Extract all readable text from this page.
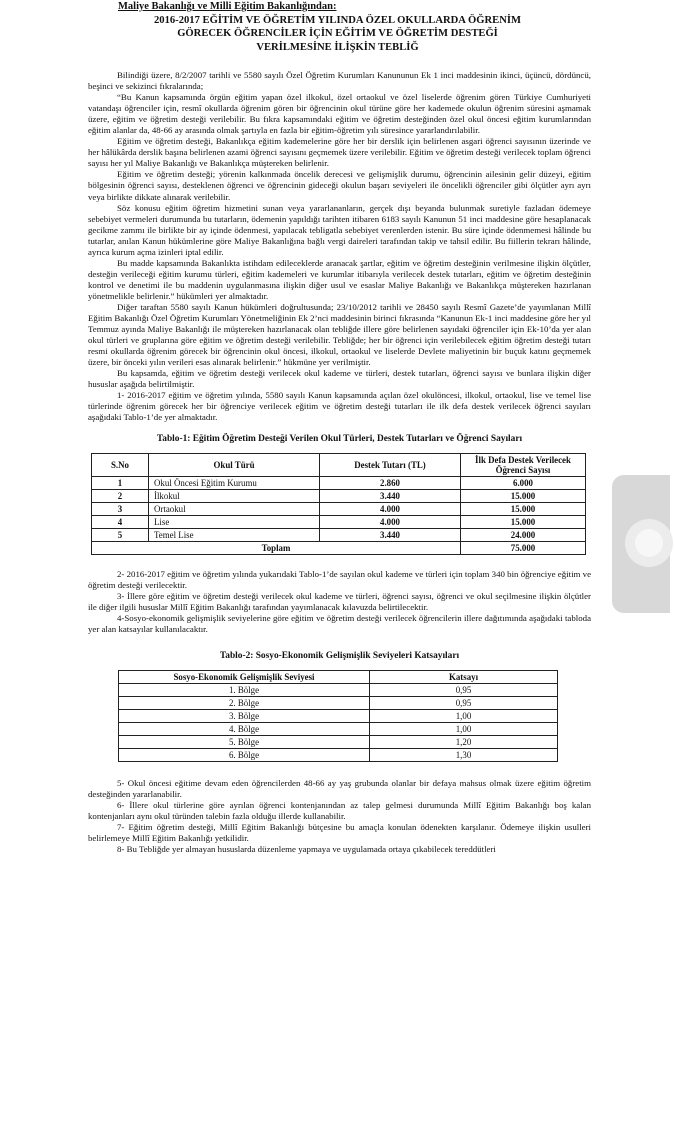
Maliye Bakanlığı ve Milli Eğitim Bakanlığından:
2016-2017 EĞİTİM VE ÖĞRETİM YILINDA ÖZEL OKULLARDA ÖĞRENİM
GÖRECEK ÖĞRENCİLER İÇİN EĞİTİM VE ÖĞRETİM DESTEĞİ
VERİLMESİNE İLİŞKİN TEBLİĞ

Bilindiği üzere, 8/2/2007 tarihli ve 5580 sayılı Özel Öğretim Kurumları Kanununun Ek 1 inci maddesinin ikinci, üçüncü, dördüncü, beşinci ve sekizinci fıkralarında;

“Bu Kanun kapsamında örgün eğitim yapan özel ilkokul, özel ortaokul ve özel liselerde öğrenim gören Türkiye Cumhuriyeti vatandaşı öğrenciler için, resmî okullarda öğrenim gören bir öğrencinin okul türüne göre her kademede okulun öğrenim süresini aşmamak üzere, eğitim ve öğretim desteği verilebilir. Bu fıkra kapsamındaki eğitim ve öğretim desteğinden özel okul öncesi eğitim kurumlarından eğitim alanlar da, 48-66 ay arasında olmak şartıyla en fazla bir eğitim-öğretim yılı süresince yararlandırılabilir.

Eğitim ve öğretim desteği, Bakanlıkça eğitim kademelerine göre her bir derslik için belirlenen asgari öğrenci sayısının üzerinde ve her hâlükârda derslik başına belirlenen azami öğrenci sayısını geçmemek üzere verilebilir. Eğitim ve öğretim desteği verilecek toplam öğrenci sayısı her yıl Maliye Bakanlığı ve Bakanlıkça müştereken belirlenir.

Eğitim ve öğretim desteği; yörenin kalkınmada öncelik derecesi ve gelişmişlik durumu, öğrencinin ailesinin gelir düzeyi, eğitim bölgesinin öğrenci sayısı, desteklenen öğrenci ve öğrencinin gideceği okulun başarı seviyeleri ile öncelikli öğrenciler gibi ölçütler ayrı ayrı veya birlikte dikkate alınarak verilebilir.

Söz konusu eğitim öğretim hizmetini sunan veya yararlananların, gerçek dışı beyanda bulunmak suretiyle fazladan ödemeye sebebiyet vermeleri durumunda bu tutarların, ödemenin yapıldığı tarihten itibaren 6183 sayılı Kanunun 51 inci maddesine göre hesaplanacak gecikme zammı ile birlikte bir ay içinde ödenmesi, yapılacak tebligatla sebebiyet verenlerden istenir. Bu süre içinde ödenmemesi hâlinde bu tutarlar, anılan Kanun hükümlerine göre Maliye Bakanlığına bağlı vergi daireleri tarafından takip ve tahsil edilir. Bu fiillerin tekrarı hâlinde, ayrıca kurum açma izinleri iptal edilir.

Bu madde kapsamında Bakanlıkta istihdam edileceklerde aranacak şartlar, eğitim ve öğretim desteğinin verilmesine ilişkin ölçütler, desteğin verileceği eğitim kurumu türleri, eğitim kademeleri ve kurumlar itibarıyla verilecek destek tutarları, eğitim ve öğretim desteğinin kontrol ve denetimi ile bu maddenin uygulanmasına ilişkin diğer usul ve esaslar Maliye Bakanlığı ve Bakanlıkça müştereken hazırlanan yönetmelikle belirlenir.” hükümleri yer almaktadır.

Diğer taraftan 5580 sayılı Kanun hükümleri doğrultusunda; 23/10/2012 tarihli ve 28450 sayılı Resmî Gazete’de yayımlanan Millî Eğitim Bakanlığı Özel Öğretim Kurumları Yönetmeliğinin Ek 2’nci maddesinin birinci fıkrasında “Kanunun Ek-1 inci maddesine göre her yıl Temmuz ayında Maliye Bakanlığı ile müştereken hazırlanacak olan tebliğde illere göre belirlenen sayıdaki öğrenciler için Ek-10’da yer alan okul türleri ve gruplarına göre eğitim ve öğretim desteği verilebilir. Tebliğde; her bir öğrenci için verilebilecek eğitim öğretim desteği tutarı resmi okullarda öğrenim görecek bir öğrencinin okul öncesi, ilkokul, ortaokul ve liselerde Devlete maliyetinin bir buçuk katını geçmemek üzere, bir önceki yılın verileri esas alınarak belirlenir.” hükmüne yer verilmiştir.

Bu kapsamda, eğitim ve öğretim desteği verilecek okul kademe ve türleri, destek tutarları, öğrenci sayısı ve bunlara ilişkin diğer hususlar aşağıda belirtilmiştir.

1- 2016-2017 eğitim ve öğretim yılında, 5580 sayılı Kanun kapsamında açılan özel okulöncesi, ilkokul, ortaokul, lise ve temel lise türlerinde öğrenim görecek her bir öğrenciye verilecek eğitim ve öğretim desteği tutarları ile ilk defa destek verilecek öğrenci sayıları aşağıdaki Tablo-1’de yer almaktadır.

Tablo-1: Eğitim Öğretim Desteği Verilen Okul Türleri, Destek Tutarları ve Öğrenci Sayıları
S.No	Okul Türü	Destek Tutarı (TL)	İlk Defa Destek Verilecek Öğrenci Sayısı
1	Okul Öncesi Eğitim Kurumu	2.860	6.000
2	İlkokul	3.440	15.000
3	Ortaokul	4.000	15.000
4	Lise	4.000	15.000
5	Temel Lise	3.440	24.000
Toplam			75.000

2- 2016-2017 eğitim ve öğretim yılında yukarıdaki Tablo-1’de sayılan okul kademe ve türleri için toplam 340 bin öğrenciye eğitim ve öğretim desteği verilecektir.

3- İllere göre eğitim ve öğretim desteği verilecek okul kademe ve türleri, öğrenci sayısı, öğrenci ve okul seçilmesine ilişkin ölçütler ile diğer ilgili hususlar Millî Eğitim Bakanlığı tarafından yayımlanacak kılavuzda belirtilecektir.

4-Sosyo-ekonomik gelişmişlik seviyelerine göre eğitim ve öğretim desteği verilecek öğrencilerin illere dağıtımında aşağıdaki tabloda yer alan katsayılar kullanılacaktır.

Tablo-2: Sosyo-Ekonomik Gelişmişlik Seviyeleri Katsayıları
Sosyo-Ekonomik Gelişmişlik Seviyesi	Katsayı
1. Bölge	0,95
2. Bölge	0,95
3. Bölge	1,00
4. Bölge	1,00
5. Bölge	1,20
6. Bölge	1,30

5- Okul öncesi eğitime devam eden öğrencilerden 48-66 ay yaş grubunda olanlar bir defaya mahsus olmak üzere eğitim öğretim desteğinden yararlanabilir.

6- İllere okul türlerine göre ayrılan öğrenci kontenjanından az talep gelmesi durumunda Millî Eğitim Bakanlığı boş kalan kontenjanları aynı okul türünden talebin fazla olduğu illerde kullanabilir.

7- Eğitim öğretim desteği, Millî Eğitim Bakanlığı bütçesine bu amaçla konulan ödenekten karşılanır. Ödemeye ilişkin usulleri belirlemeye Millî Eğitim Bakanlığı yetkilidir.

8- Bu Tebliğde yer almayan hususlarda düzenleme yapmaya ve uygulamada ortaya çıkabilecek tereddütleri
